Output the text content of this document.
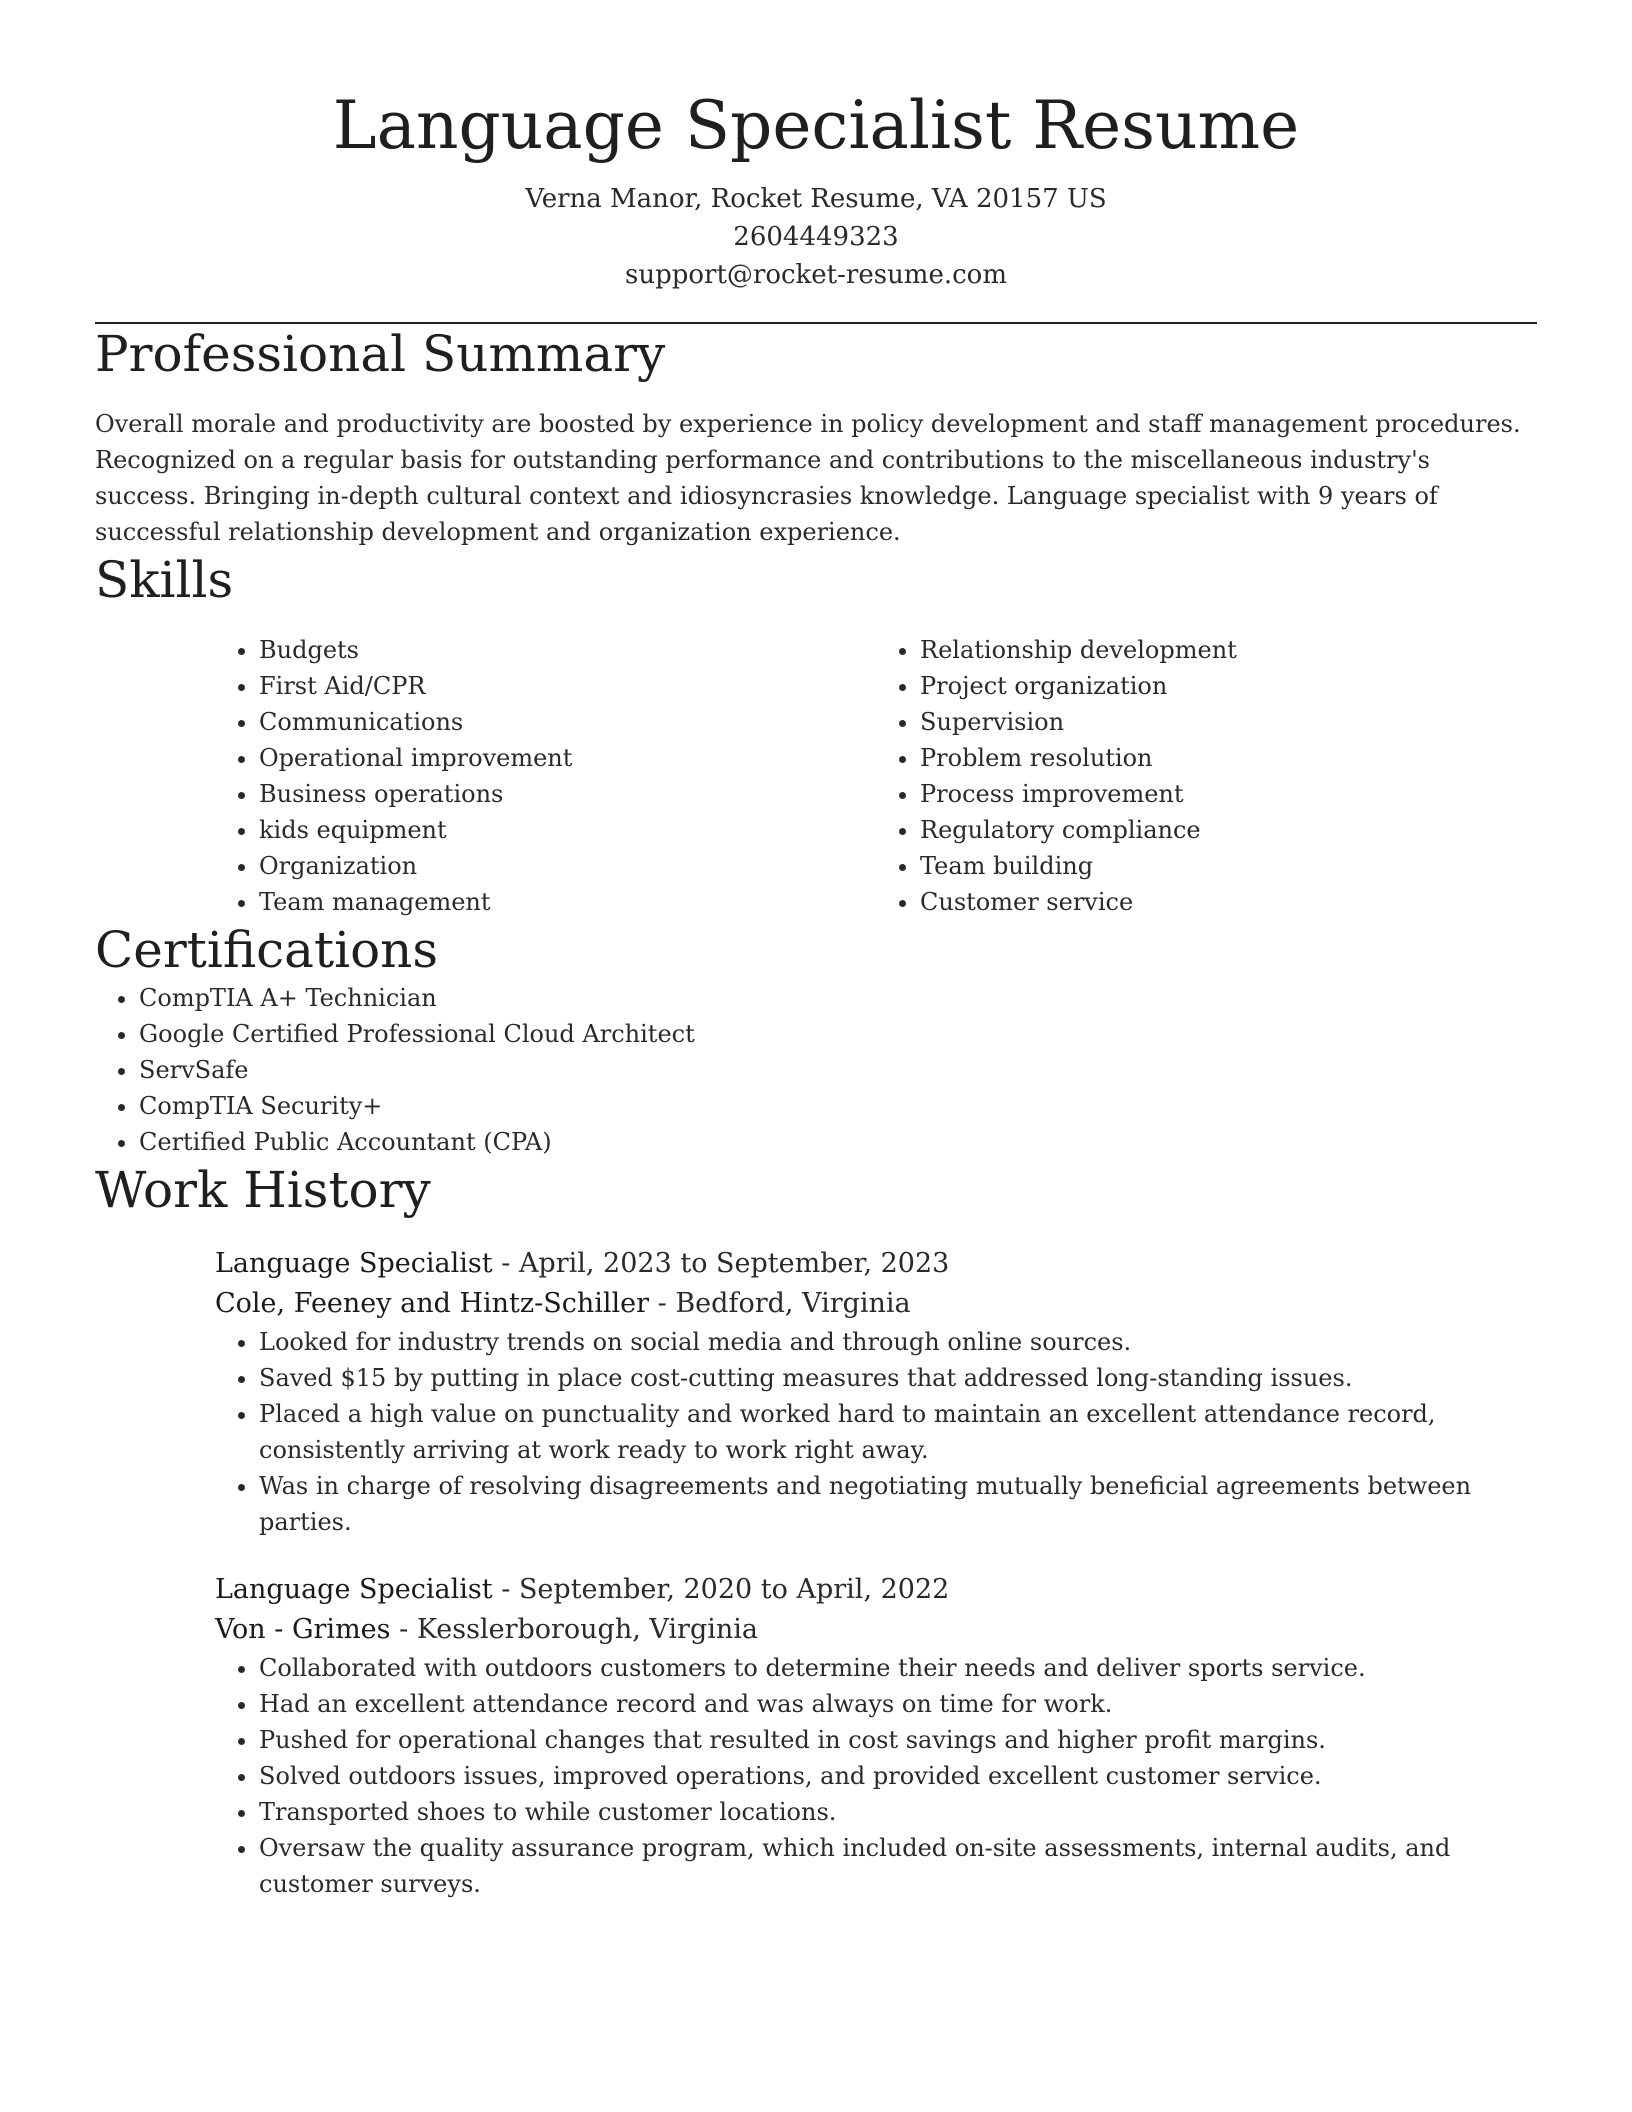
Language Specialist Resume
Verna Manor, Rocket Resume, VA 20157 US
2604449323
support@rocket-resume.com
Professional Summary

Overall morale and productivity are boosted by experience in policy development and staff management procedures. Recognized on a regular basis for outstanding performance and contributions to the miscellaneous industry's success. Bringing in-depth cultural context and idiosyncrasies knowledge. Language specialist with 9 years of successful relationship development and organization experience.

Skills
• Budgets
• First Aid/CPR
• Communications
• Operational improvement
• Business operations
• kids equipment
• Organization
• Team management
• Relationship development
• Project organization
• Supervision
• Problem resolution
• Process improvement
• Regulatory compliance
• Team building
• Customer service
Certifications
• CompTIA A+ Technician
• Google Certified Professional Cloud Architect
• ServSafe
• CompTIA Security+
• Certified Public Accountant (CPA)
Work History
Language Specialist - April, 2023 to September, 2023
Cole, Feeney and Hintz-Schiller - Bedford, Virginia
• Looked for industry trends on social media and through online sources.
• Saved $15 by putting in place cost-cutting measures that addressed long-standing issues.
• Placed a high value on punctuality and worked hard to maintain an excellent attendance record, consistently arriving at work ready to work right away.
• Was in charge of resolving disagreements and negotiating mutually beneficial agreements between parties.
Language Specialist - September, 2020 to April, 2022
Von - Grimes - Kesslerborough, Virginia
• Collaborated with outdoors customers to determine their needs and deliver sports service.
• Had an excellent attendance record and was always on time for work.
• Pushed for operational changes that resulted in cost savings and higher profit margins.
• Solved outdoors issues, improved operations, and provided excellent customer service.
• Transported shoes to while customer locations.
• Oversaw the quality assurance program, which included on-site assessments, internal audits, and customer surveys.
